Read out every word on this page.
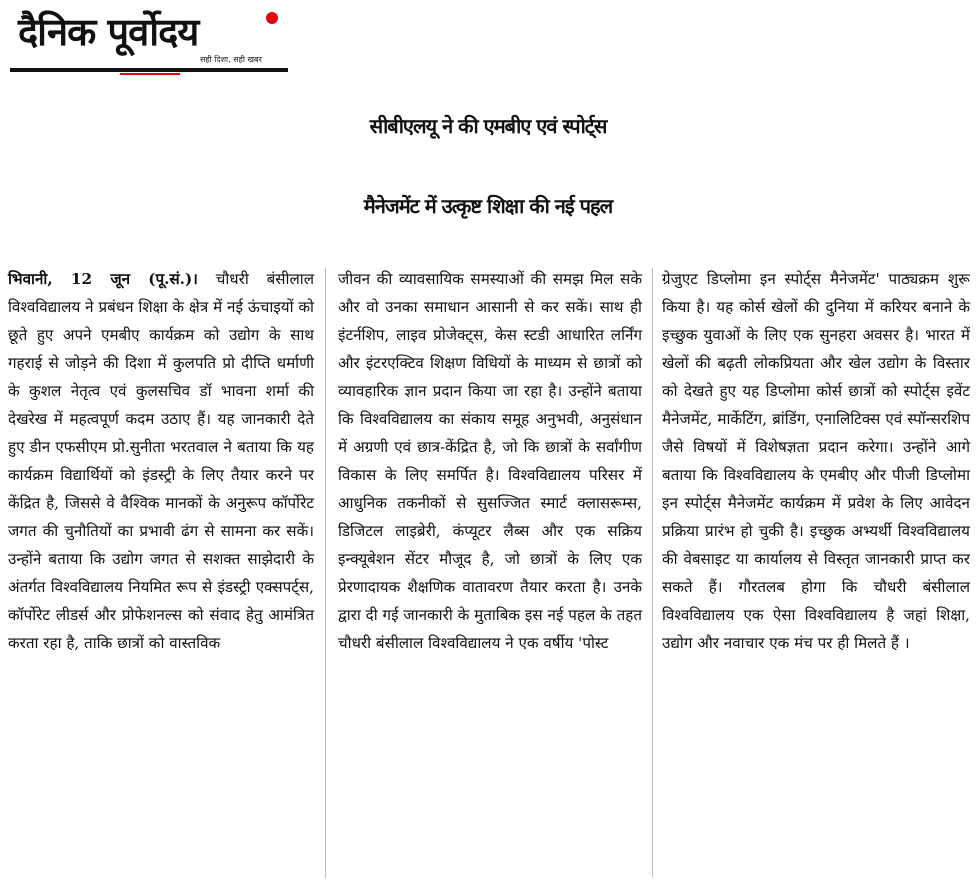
दैनिक पूर्वोदय
सही दिशा, सही खबर
सीबीएलयू ने की एमबीए एवं स्पोर्ट्स
मैनेजमेंट में उत्कृष्ट शिक्षा की नई पहल
भिवानी, 12 जून (पू.सं.)। चौधरी बंसीलाल विश्वविद्यालय ने प्रबंधन शिक्षा के क्षेत्र में नई ऊंचाइयों को छूते हुए अपने एमबीए कार्यक्रम को उद्योग के साथ गहराई से जोड़ने की दिशा में कुलपति प्रो दीप्ति धर्माणी के कुशल नेतृत्व एवं कुलसचिव डॉ भावना शर्मा की देखरेख में महत्वपूर्ण कदम उठाए हैं। यह जानकारी देते हुए डीन एफसीएम प्रो.सुनीता भरतवाल ने बताया कि यह कार्यक्रम विद्यार्थियों को इंडस्ट्री के लिए तैयार करने पर केंद्रित है, जिससे वे वैश्विक मानकों के अनुरूप कॉर्पोरेट जगत की चुनौतियों का प्रभावी ढंग से सामना कर सकें। उन्होंने बताया कि उद्योग जगत से सशक्त साझेदारी के अंतर्गत विश्वविद्यालय नियमित रूप से इंडस्ट्री एक्सपर्ट्स, कॉर्पोरेट लीडर्स और प्रोफेशनल्स को संवाद हेतु आमंत्रित करता रहा है, ताकि छात्रों को वास्तविक
जीवन की व्यावसायिक समस्याओं की समझ मिल सके और वो उनका समाधान आसानी से कर सकें। साथ ही इंटर्नशिप, लाइव प्रोजेक्ट्स, केस स्टडी आधारित लर्निंग और इंटरएक्टिव शिक्षण विधियों के माध्यम से छात्रों को व्यावहारिक ज्ञान प्रदान किया जा रहा है। उन्होंने बताया कि विश्वविद्यालय का संकाय समूह अनुभवी, अनुसंधान में अग्रणी एवं छात्र-केंद्रित है, जो कि छात्रों के सर्वांगीण विकास के लिए समर्पित है। विश्वविद्यालय परिसर में आधुनिक तकनीकों से सुसज्जित स्मार्ट क्लासरूम्स, डिजिटल लाइब्रेरी, कंप्यूटर लैब्स और एक सक्रिय इन्क्यूबेशन सेंटर मौजूद है, जो छात्रों के लिए एक प्रेरणादायक शैक्षणिक वातावरण तैयार करता है। उनके द्वारा दी गई जानकारी के मुताबिक इस नई पहल के तहत चौधरी बंसीलाल विश्वविद्यालय ने एक वर्षीय 'पोस्ट
ग्रेजुएट डिप्लोमा इन स्पोर्ट्स मैनेजमेंट' पाठ्यक्रम शुरू किया है। यह कोर्स खेलों की दुनिया में करियर बनाने के इच्छुक युवाओं के लिए एक सुनहरा अवसर है। भारत में खेलों की बढ़ती लोकप्रियता और खेल उद्योग के विस्तार को देखते हुए यह डिप्लोमा कोर्स छात्रों को स्पोर्ट्स इवेंट मैनेजमेंट, मार्केटिंग, ब्रांडिंग, एनालिटिक्स एवं स्पॉन्सरशिप जैसे विषयों में विशेषज्ञता प्रदान करेगा। उन्होंने आगे बताया कि विश्वविद्यालय के एमबीए और पीजी डिप्लोमा इन स्पोर्ट्स मैनेजमेंट कार्यक्रम में प्रवेश के लिए आवेदन प्रक्रिया प्रारंभ हो चुकी है। इच्छुक अभ्यर्थी विश्वविद्यालय की वेबसाइट या कार्यालय से विस्तृत जानकारी प्राप्त कर सकते हैं। गौरतलब होगा कि चौधरी बंसीलाल विश्वविद्यालय एक ऐसा विश्वविद्यालय है जहां शिक्षा, उद्योग और नवाचार एक मंच पर ही मिलते हैं ।
